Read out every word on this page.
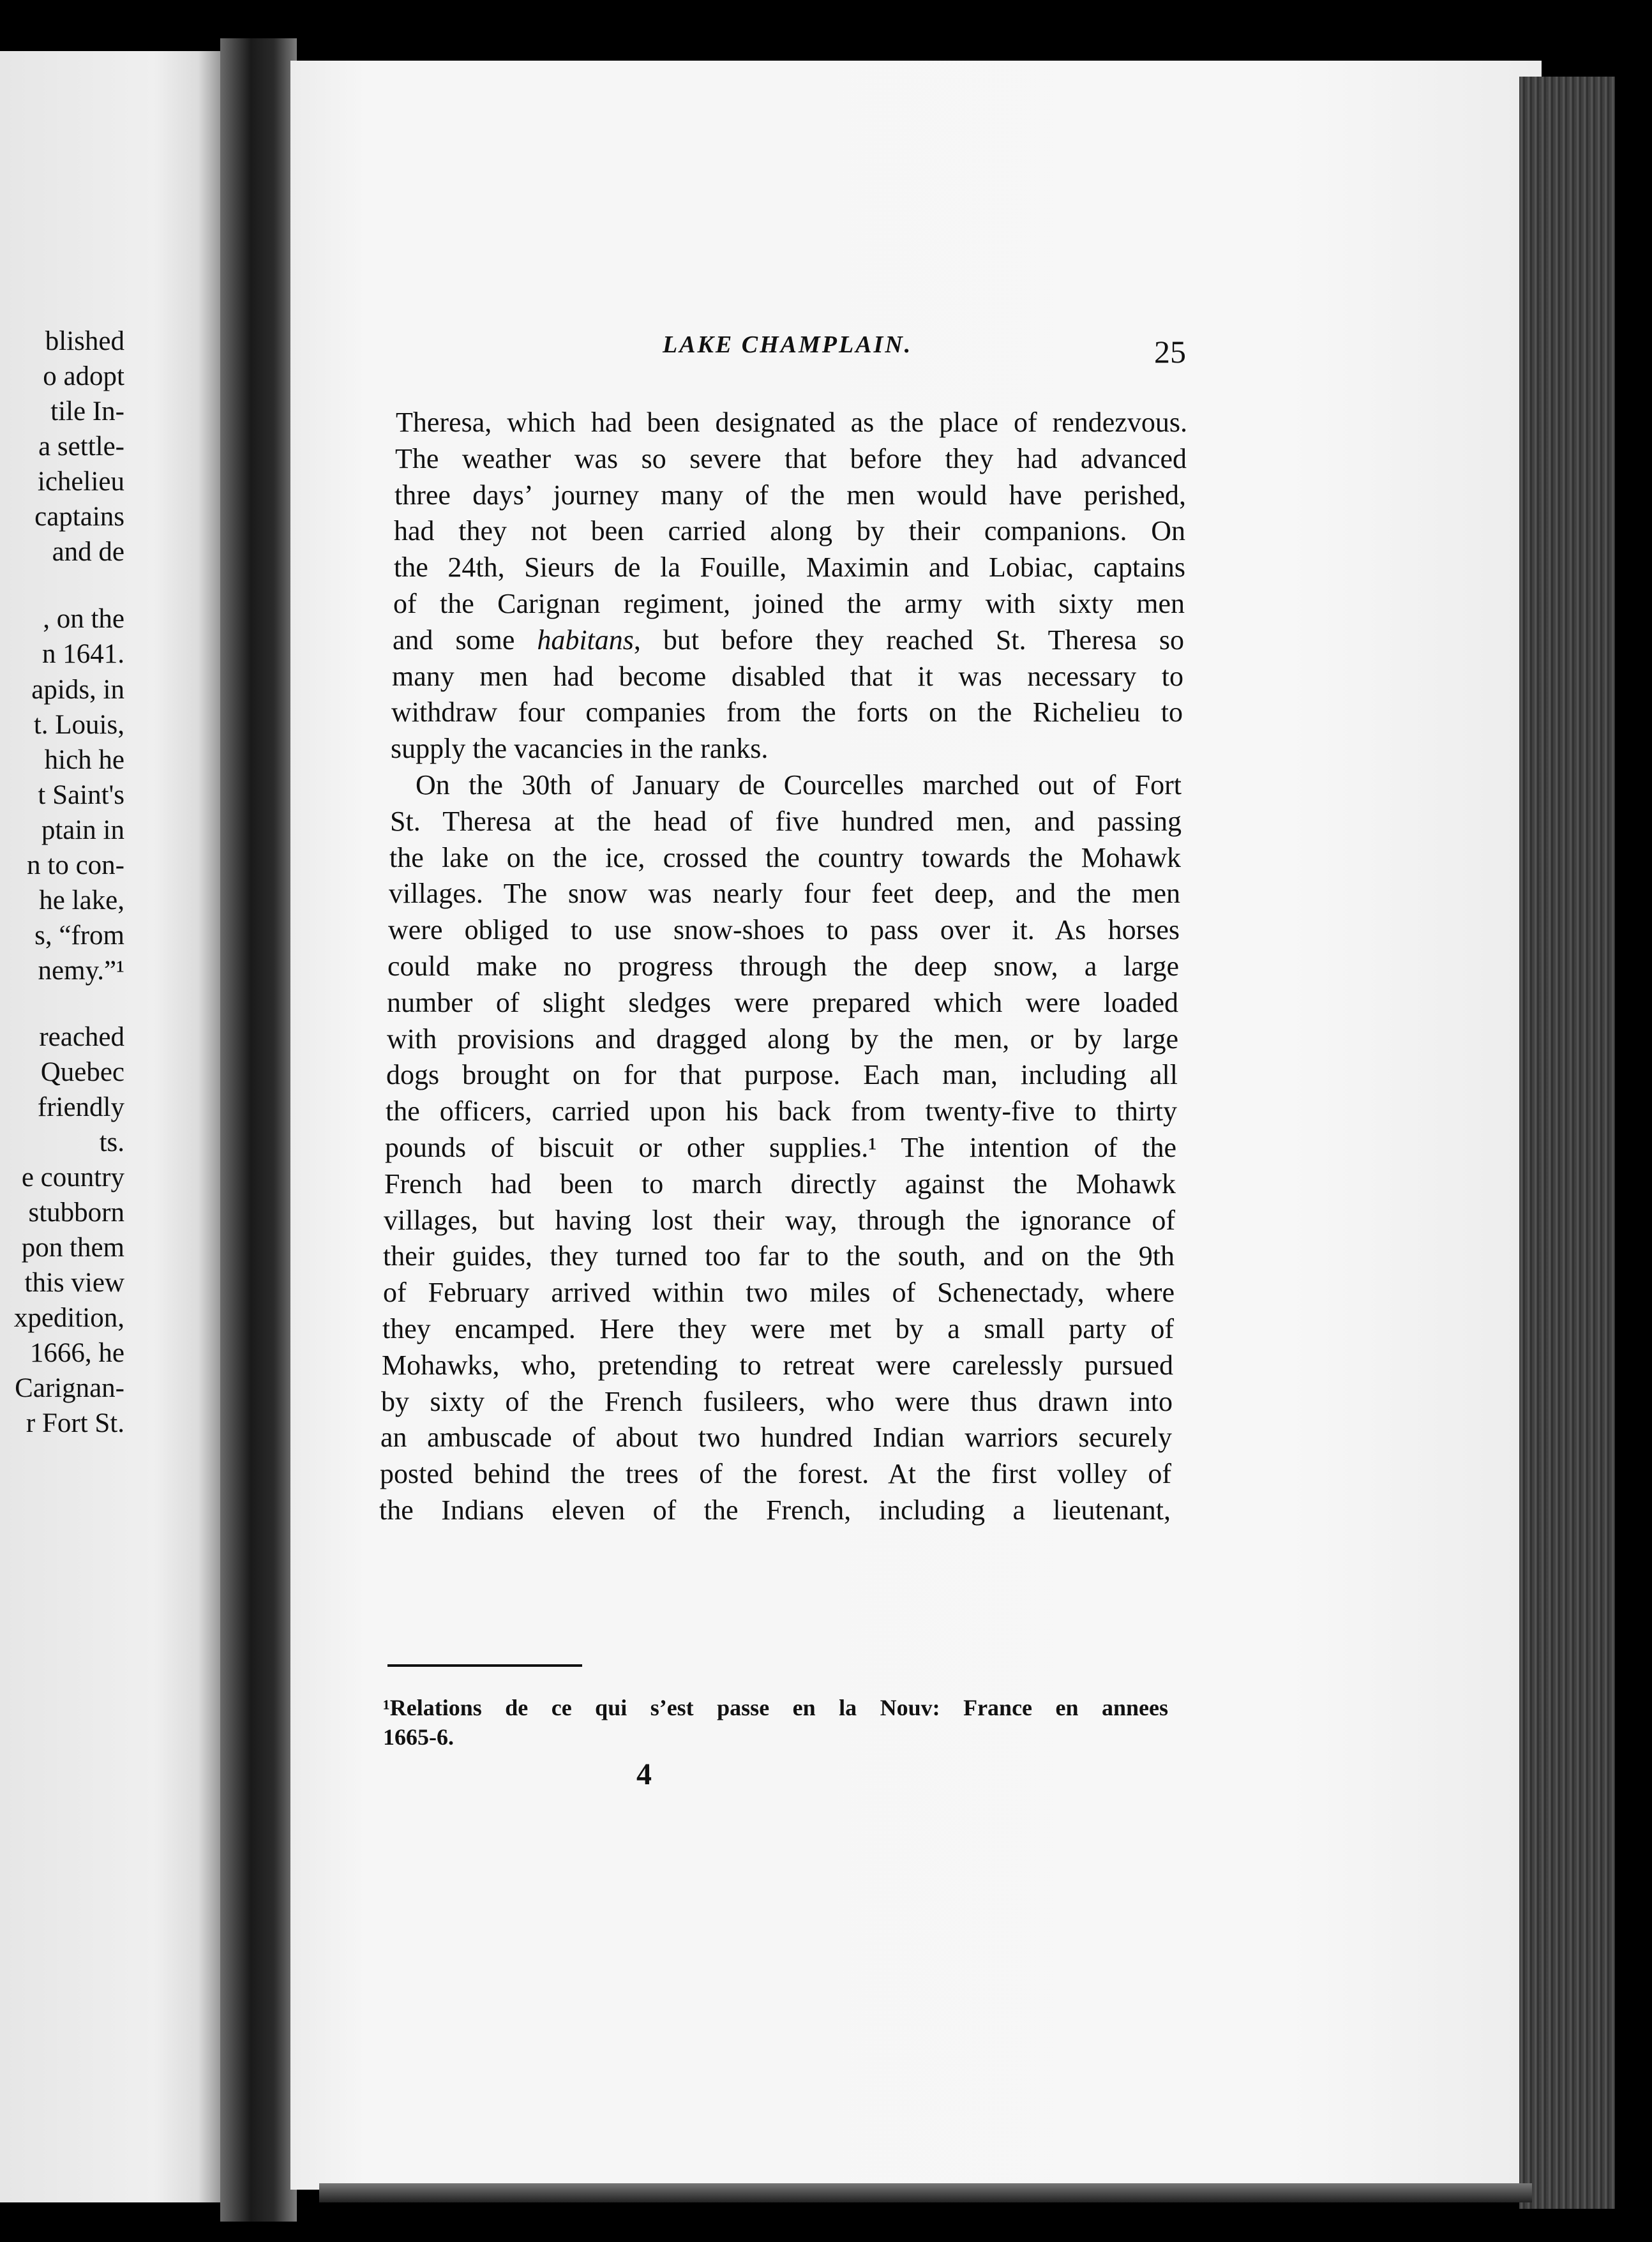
blished
o adopt
tile In-
a settle-
ichelieu
captains
and de
, on the
n 1641.
apids, in
t. Louis,
hich he
t Saint's
ptain in
n to con-
he lake,
s, “from
nemy.”¹
reached
Quebec
friendly
ts.
e country
stubborn
pon them
this view
xpedition,
1666, he
Carignan-
r Fort St.
LAKE CHAMPLAIN.	25
Theresa, which had been designated as the place of rendezvous.
The weather was so severe that before they had advanced
three days’ journey many of the men would have perished,
had they not been carried along by their companions. On
the 24th, Sieurs de la Fouille, Maximin and Lobiac, captains
of the Carignan regiment, joined the army with sixty men
and some habitans, but before they reached St. Theresa so
many men had become disabled that it was necessary to
withdraw four companies from the forts on the Richelieu to
supply the vacancies in the ranks.
On the 30th of January de Courcelles marched out of Fort
St. Theresa at the head of five hundred men, and passing
the lake on the ice, crossed the country towards the Mohawk
villages. The snow was nearly four feet deep, and the men
were obliged to use snow-shoes to pass over it. As horses
could make no progress through the deep snow, a large
number of slight sledges were prepared which were loaded
with provisions and dragged along by the men, or by large
dogs brought on for that purpose. Each man, including all
the officers, carried upon his back from twenty-five to thirty
pounds of biscuit or other supplies.¹ The intention of the
French had been to march directly against the Mohawk
villages, but having lost their way, through the ignorance of
their guides, they turned too far to the south, and on the 9th
of February arrived within two miles of Schenectady, where
they encamped. Here they were met by a small party of
Mohawks, who, pretending to retreat were carelessly pursued
by sixty of the French fusileers, who were thus drawn into
an ambuscade of about two hundred Indian warriors securely
posted behind the trees of the forest. At the first volley of
the Indians eleven of the French, including a lieutenant,
¹Relations de ce qui s’est passe en la Nouv: France en annees
1665-6.
4
